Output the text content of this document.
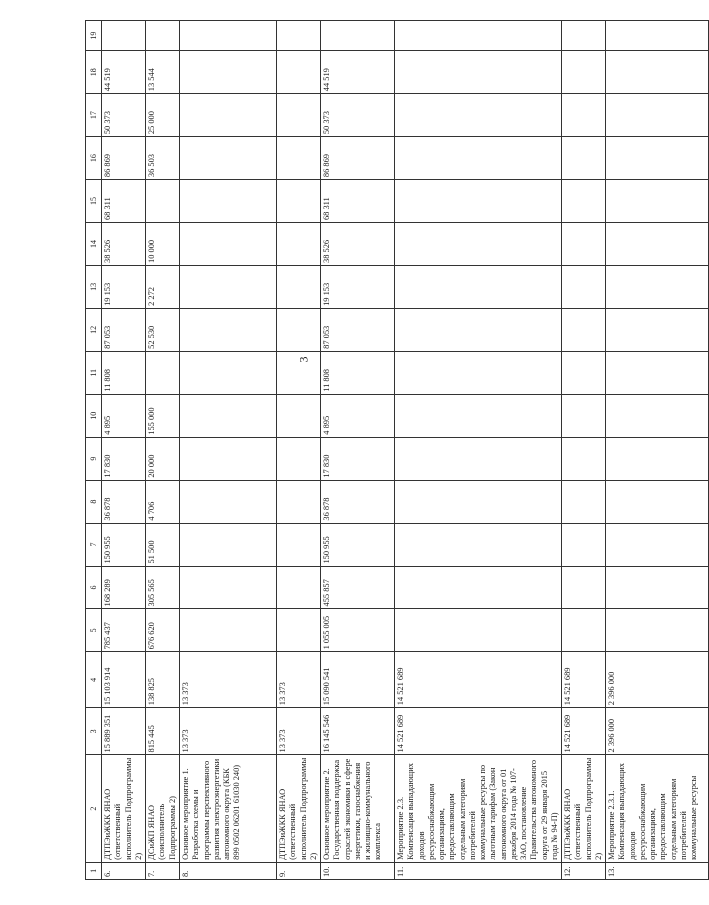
3
1	2	3	4	5	6	7	8	9	10	11	12	13	14	15	16	17	18	19
6.	ДТПЭиЖКК ЯНАО (ответственный исполнитель Подпрограммы 2)	15 889 351	15 103 914	785 437	168 289	150 955	36 878	17 830	4 895	11 808	87 053	19 153	38 526	68 311	86 869	50 373	44 519	
7.	ДСиЖП ЯНАО (соисполнитель Подпрограммы 2)	815 445	138 825	676 620	305 565	51 500	4 706	20 000	155 000		52 530	2 272	10 000		36 503	25 000	13 544	
8.	Основное мероприятие 1. Разработка схемы и программы перспективного развития электроэнергетики автономного округа (КБК 899 0502 06201 61030 240)	13 373	13 373															
9.	ДТПЭиЖКК ЯНАО (ответственный исполнитель Подпрограммы 2)	13 373	13 373															
10.	Основное мероприятие 2. Государственная поддержка отраслей экономики в сфере энергетики, газоснабжения и жилищно-коммунального комплекса	16 145 546	15 090 541	1 055 005	455 857	150 955	36 878	17 830	4 895	11 808	87 053	19 153	38 526	68 311	86 869	50 373	44 519	
11.	Мероприятие 2.3. Компенсация выпадающих доходов ресурсоснабжающим организациям, предоставляющим отдельным категориям потребителей коммунальные ресурсы по льготным тарифам (Закон автономного округа от 01 декабря 2014 года № 107-ЗАО, постановление Правительства автономного округа от 29 января 2015 года № 94-П)	14 521 689	14 521 689															
12.	ДТПЭиЖКК ЯНАО (ответственный исполнитель Подпрограммы 2)	14 521 689	14 521 689															
13.	Мероприятие 2.3.1. Компенсация выпадающих доходов ресурсоснабжающим организациям, предоставляющим отдельным категориям потребителей коммунальные ресурсы	2 396 000	2 396 000															
